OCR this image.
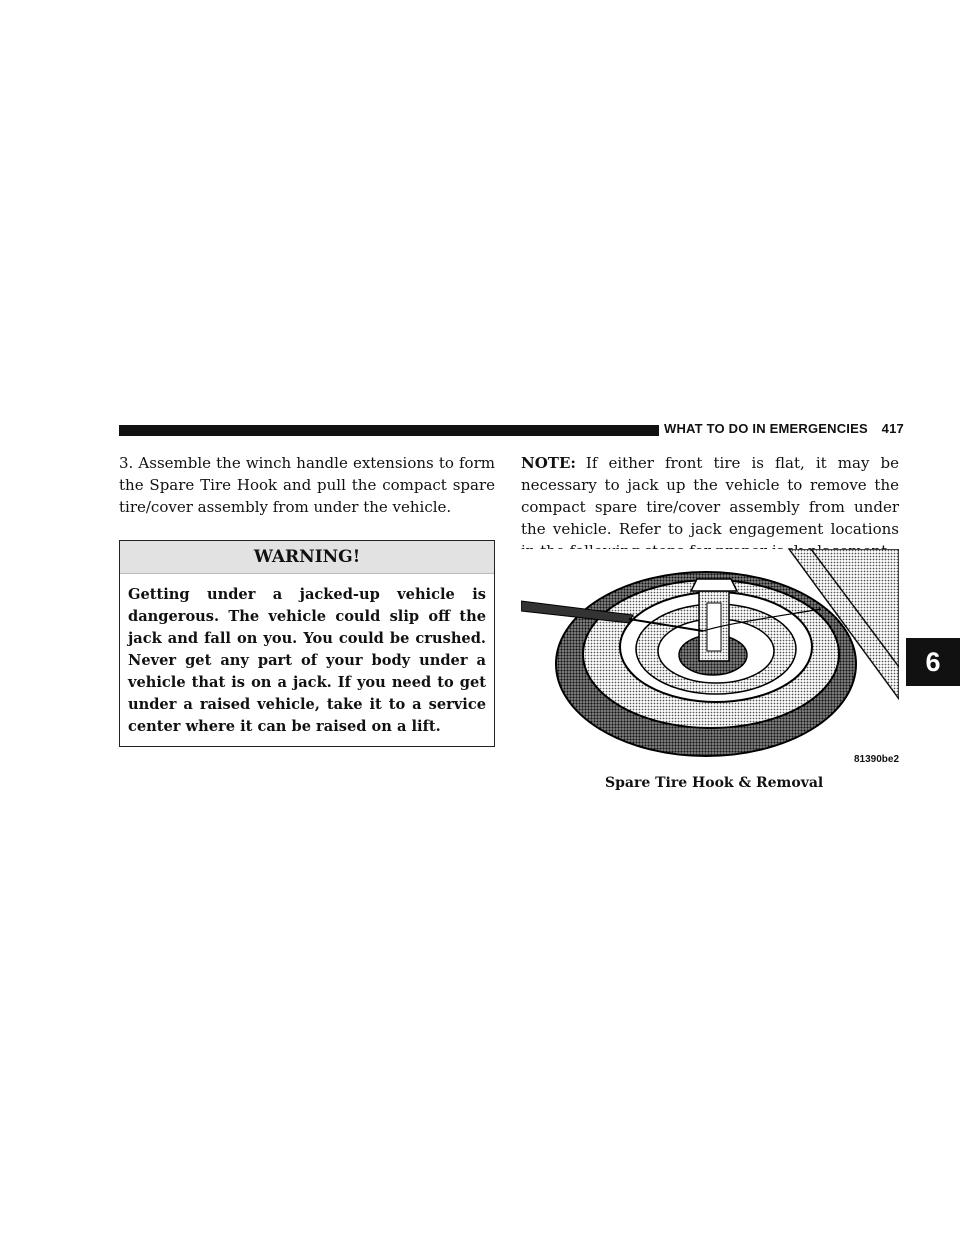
WHAT TO DO IN EMERGENCIES 417

3. Assemble the winch handle extensions to form the Spare Tire Hook and pull the compact spare tire/cover assembly from under the vehicle.

WARNING!
Getting under a jacked-up vehicle is dangerous. The vehicle could slip off the jack and fall on you. You could be crushed. Never get any part of your body under a vehicle that is on a jack. If you need to get under a raised vehicle, take it to a service center where it can be raised on a lift.

NOTE: If either front tire is flat, it may be necessary to jack up the vehicle to remove the compact spare tire/cover assembly from under the vehicle. Refer to jack engagement locations

81390be2
Spare Tire Hook & Removal
6
